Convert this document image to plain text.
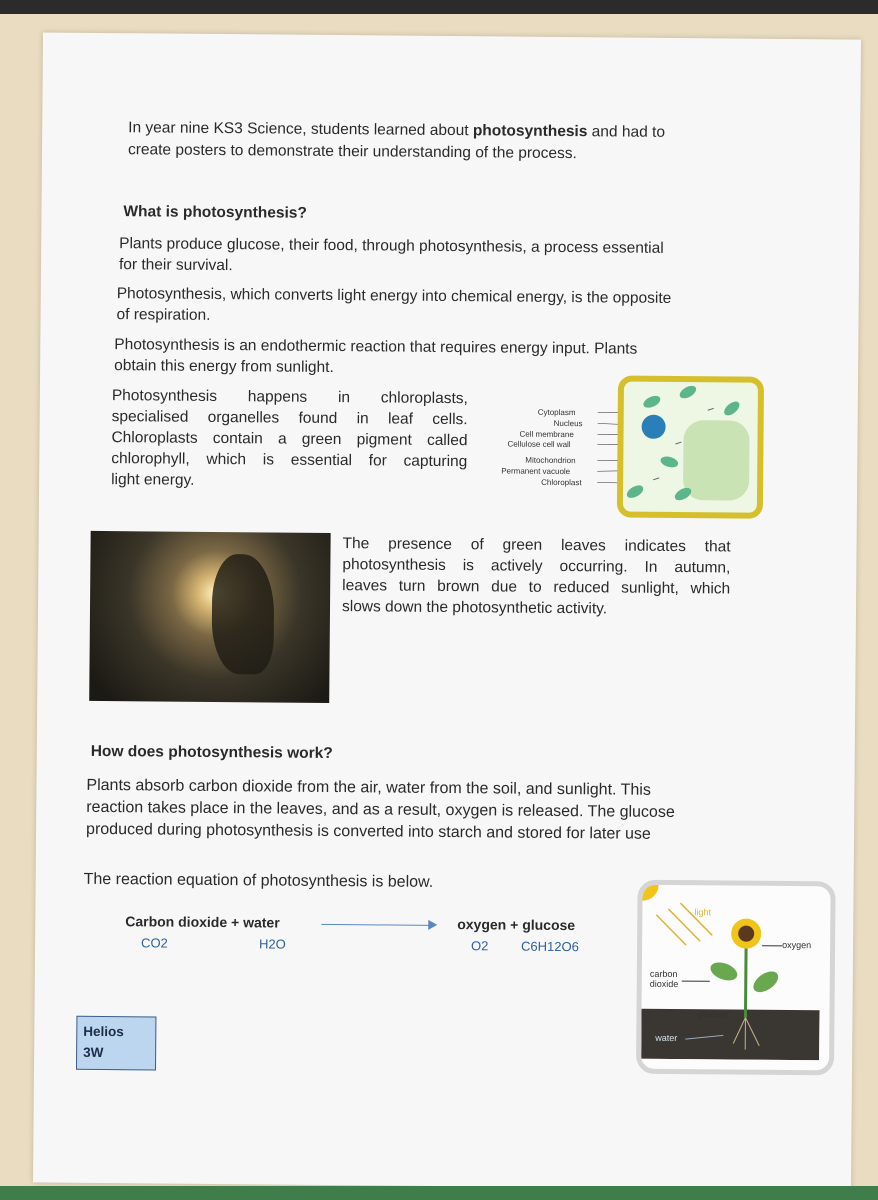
In year nine KS3 Science, students learned about photosynthesis and had to
create posters to demonstrate their understanding of the process.
What is photosynthesis?
Plants produce glucose, their food, through photosynthesis, a process essential
for their survival.
Photosynthesis, which converts light energy into chemical energy, is the opposite
of respiration.
Photosynthesis is an endothermic reaction that requires energy input. Plants
obtain this energy from sunlight.
Photosynthesis happens in chloroplasts,
specialised organelles found in leaf cells.
Chloroplasts contain a green pigment called
chlorophyll, which is essential for capturing
light energy.
Cytoplasm
Nucleus
Cell membrane
Cellulose cell wall
Mitochondrion
Permanent vacuole
Chloroplast
The presence of green leaves indicates that
photosynthesis is actively occurring. In autumn,
leaves turn brown due to reduced sunlight, which
slows down the photosynthetic activity.
How does photosynthesis work?
Plants absorb carbon dioxide from the air, water from the soil, and sunlight. This
reaction takes place in the leaves, and as a result, oxygen is released. The glucose
produced during photosynthesis is converted into starch and stored for later use
The reaction equation of photosynthesis is below.
Carbon dioxide + water	oxygen + glucose
CO2	H2O	O2	C6H12O6
Helios
3W
light
oxygen
carbon
dioxide
glucose
water
